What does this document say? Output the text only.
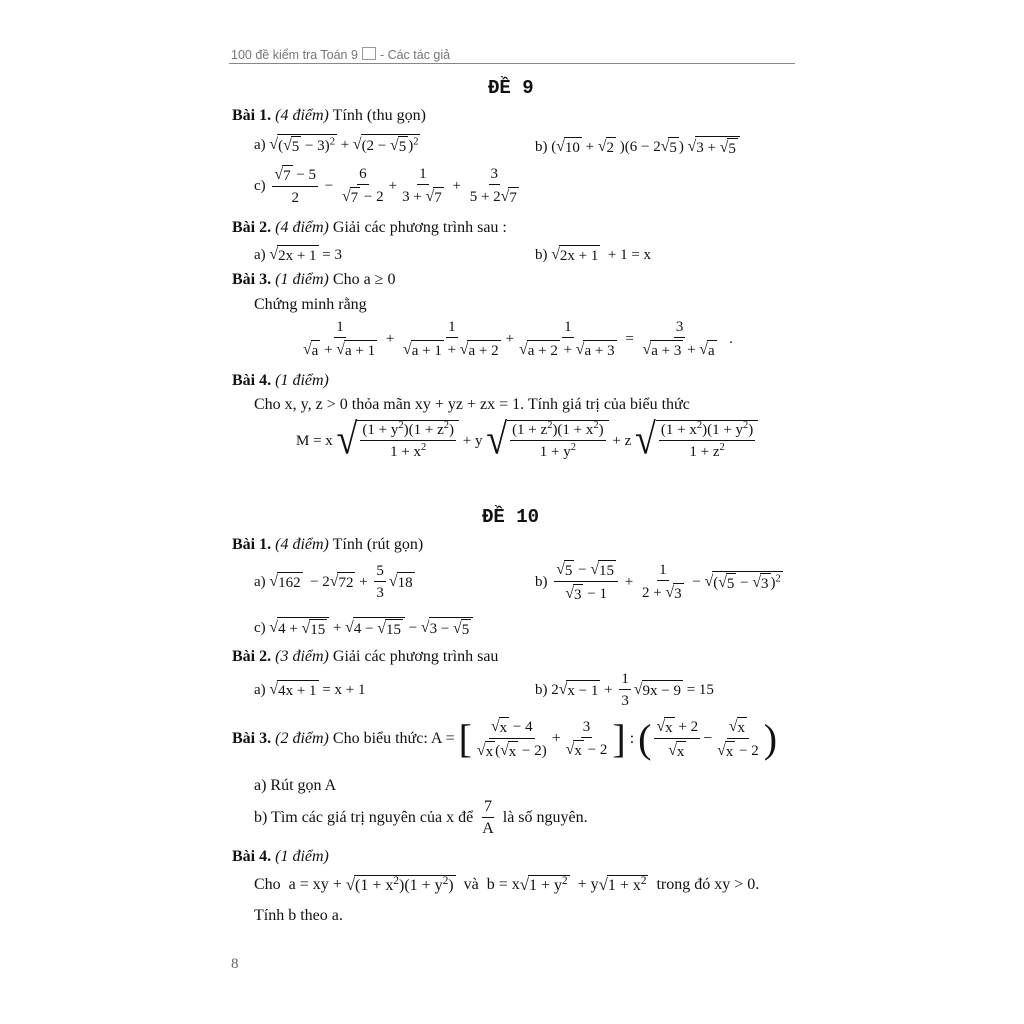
100 đề kiểm tra Toán 9 - Các tác giả
ĐỀ 9
Bài 1. (4 điểm) Tính (thu gọn)
a) √ ( √ 5 − 3)$^2$ + √ (2 − √ 5 )$^2$	b) ( √ 10 + √ 2 )(6 − 2 √ 5 ) √ 3 + √ 5
$c) \frac{√ 7 - 5}{2} - \frac{6}{√ 7 - 2} + \frac{1}{3 + √ 7} + \frac{3}{5 + 2 √ 7}$
Bài 2. (4 điểm) Giải các phương trình sau :
a) √ 2x + 1 = 3	b) √ 2x + 1 + 1 = x
Bài 3. (1 điểm) Cho a ≥ 0
Chứng minh rằng
$\frac{1}{√ a + √ a + 1} + \frac{1}{√ a + 1 + √ a + 2} + \frac{1}{√ a + 2 + √ a + 3} = \frac{3}{√ a + 3 + √ a}$ .
Bài 4. (1 điểm)
Cho x, y, z > 0 thỏa mãn xy + yz + zx = 1. Tính giá trị của biểu thức
M = x √ $\frac{(1 + y^2)(1 + z^2)}{1 + x^2} + y$ √ $\frac{(1 + z^2)(1 + x^2)}{1 + y^2} + z$ √ $\frac{(1 + x^2)(1 + y^2)}{1 + z^2}$
ĐỀ 10
Bài 1. (4 điểm) Tính (rút gọn)
a) √ 162 − 2 √ $72 + \frac{5}{3}$ √ 18	$b) \frac{√ 5 - √ 15}{√ 3 - 1} + \frac{1}{2 + √ 3}$ − √ ( √ 5 − √ 3 )$^2$
c) √ 4 + √ 15 + √ 4 − √ 15 − √ 3 − √ 5
Bài 2. (3 điểm) Giải các phương trình sau
a) √ 4x + 1 = x + 1	b) 2 √ $x - 1 + \frac{1}{3}$ √ 9x − 9 = 15
Bài 3.
(2 điểm)
Cho biểu thức: A =
[ $\frac{√ x - 4}{√ x ( √ x - 2)} + \frac{3}{√ x - 2}$ ] : ( $\frac{√ x + 2}{√ x} - \frac{√ x}{√ x - 2}$ )
a) Rút gọn A
b) Tìm các giá trị nguyên của x để
$\frac{7}{A}$
là số nguyên.
Bài 4. (1 điểm)
Cho a = xy + √ $(1 + x^2)(1 + y^2)$
và b = x √ $1 + y^2 + y$ √ $1 + x^2$
trong đó xy > 0.
Tính b theo a.
8
